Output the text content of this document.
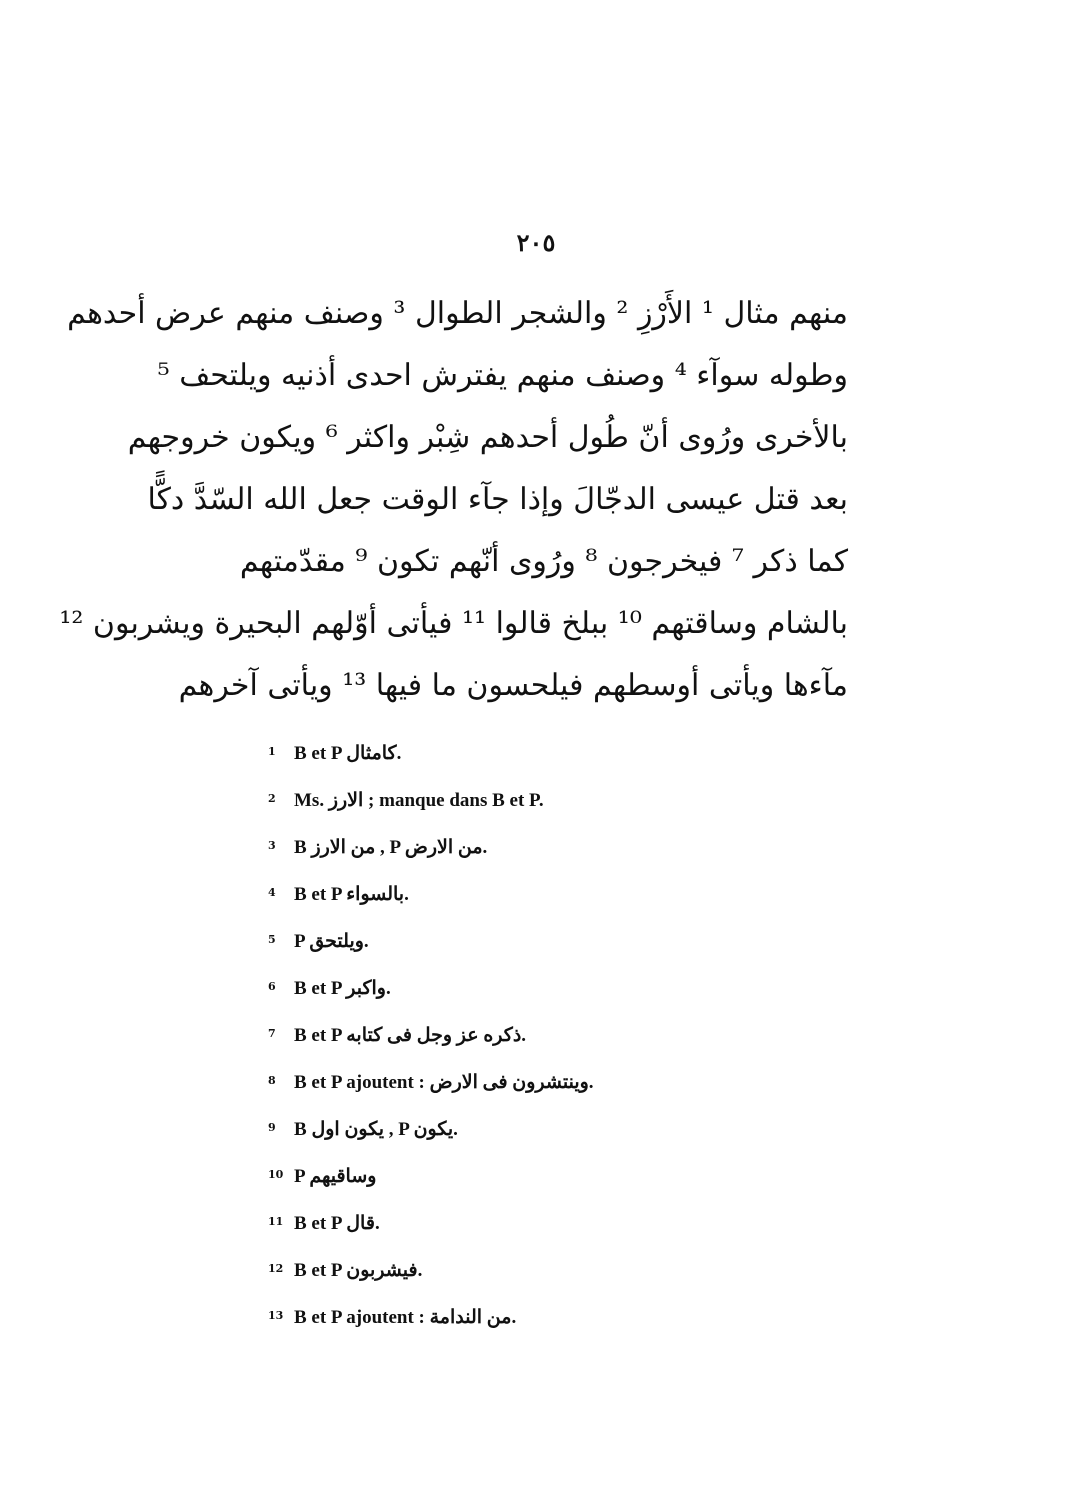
٢٠٥
منهم مثال ¹ الأَرْزِ ² والشجر الطوال ³ وصنف منهم عرض أحدهم
وطوله سوآء ⁴ وصنف منهم يفترش احدى أذنيه ويلتحف ⁵
بالأخرى ورُوى أنّ طُول أحدهم شِبْر واكثر ⁶ ويكون خروجهم
بعد قتل عيسى الدجّالَ وإذا جآء الوقت جعل الله السّدَّ دكًّا
كما ذكر ⁷ فيخرجون ⁸ ورُوى أنّهم تكون ⁹ مقدّمتهم
بالشام وساقتهم ¹⁰ ببلخ قالوا ¹¹ فيأتى أوّلهم البحيرة ويشربون ¹²
مآءها ويأتى أوسطهم فيلحسون ما فيها ¹³ ويأتى آخرهم
1 B et P كامثال.
2 Ms. الارز ; manque dans B et P.
3 B من الارز , P من الارض.
4 B et P بالسواء.
5 P ويلتحق.
6 B et P واكبر.
7 B et P ذكره عز وجل فى كتابه.
8 B et P ajoutent : وينتشرون فى الارض.
9 B يكون اول , P يكون.
10 P وساقيهم
11 B et P قال.
12 B et P فيشربون.
13 B et P ajoutent : من الندامة.
